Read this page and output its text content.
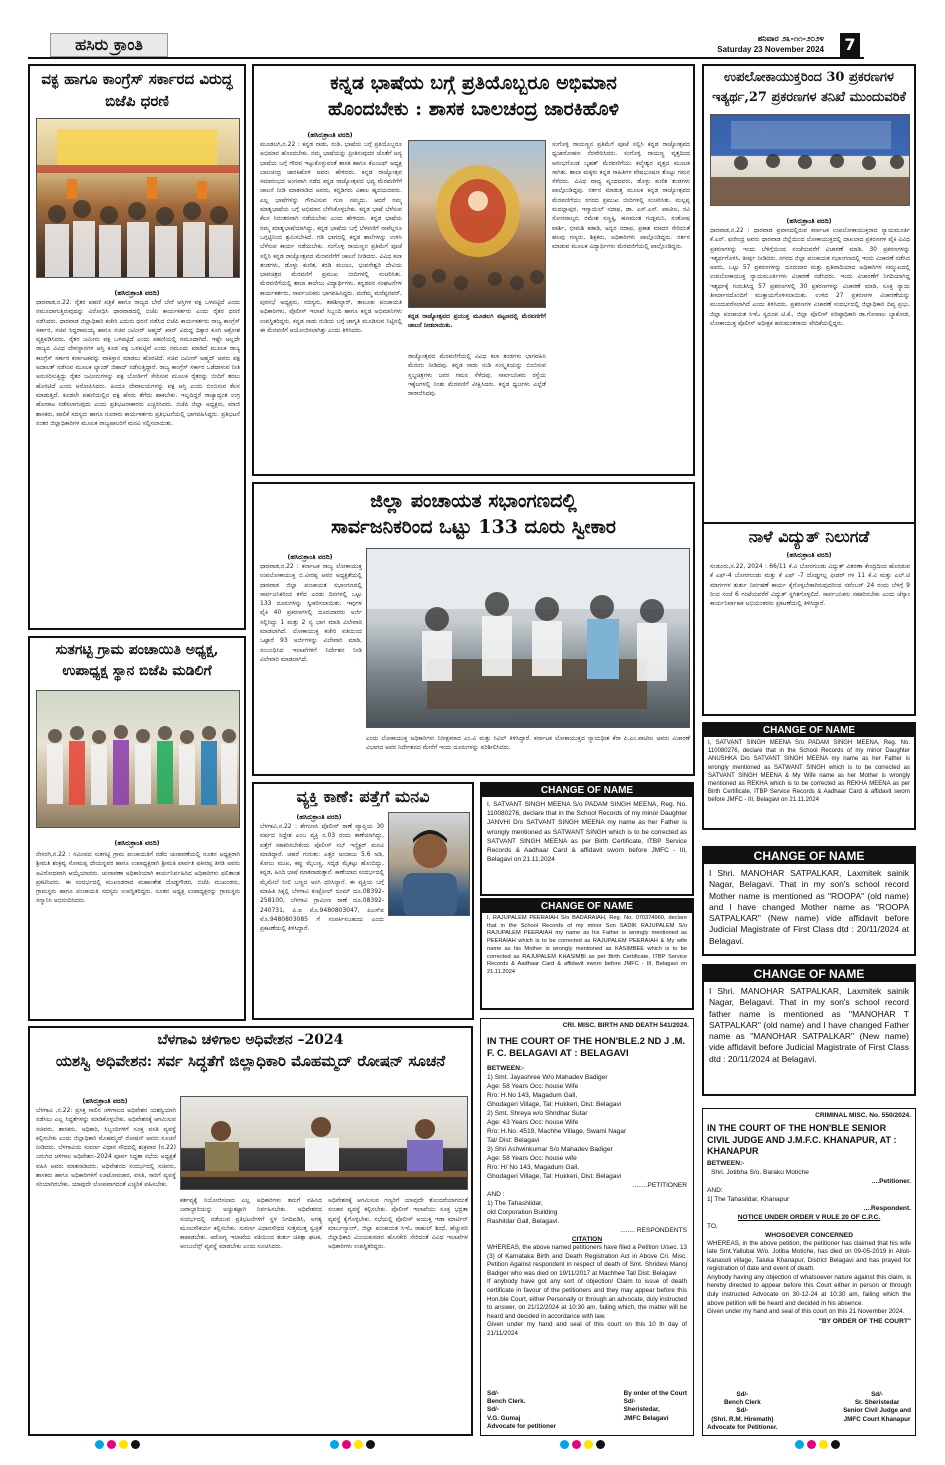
ಹಸಿರು ಕ್ರಾಂತಿ	ಶನಿವಾರ ೨೩-೧೧-೨೦೨೪
Saturday 23 November 2024 7
ವಕ್ಫ ಹಾಗೂ ಕಾಂಗ್ರೆಸ್ ಸರ್ಕಾರದ ವಿರುದ್ಧ ಬಿಜೆಪಿ ಧರಣಿ
(ಹಸಿರುಕ್ರಾಂತಿ ವರದಿ)
ಧಾರವಾಡ,ನ.22: ರೈತರ ಪಹಣಿ ಪತ್ರಿಕೆ ಹಾಗೂ ರಾಜ್ಯದ ಬೇರೆ ಬೇರೆ ಆಸ್ತಿಗಳ ವಕ್ಫ ಒಳಪಟ್ಟಿದೆ ಎಂದು ನಮೂದಾಗುತ್ತಿರುವುದನ್ನು ವಿರೋಧಿಸಿ ಧಾರವಾಡದಲ್ಲಿ ಬಿಜೆಪಿ ಕಾರ್ಯಕರ್ತರು ಎಂದು ರೈತರ ಧರಣಿ ನಡೆಸಿದರು. ಧಾರವಾಡ ಜಿಲ್ಲಾಧಿಕಾರಿ ಕಚೇರಿ ಎದುರು ಧರಣಿ ನಡೆಸಿದ ಬಿಜೆಪಿ ಕಾರ್ಯಕರ್ತರು ರಾಜ್ಯ ಕಾಂಗ್ರೆಸ್ ಸರ್ಕಾರ, ಸಚಿವ ಸಿದ್ದರಾಮಯ್ಯ ಹಾಗೂ ಸಚಿವ ಜಮೀರ್ ಅಹ್ಮದ್ ಖಾನ್ ವಿರುದ್ಧ ಧಿಕ್ಕಾರ ಕೂಗಿ ಆಕ್ರೋಶ ವ್ಯಕ್ತಪಡಿಸಿದರು. ರೈತರ ಜಮೀನು ವಕ್ಫ ಒಳಪಟ್ಟಿದೆ ಎಂದು ಪಹಣಿಯಲ್ಲಿ ನಮೂದಾಗಿದೆ. ಇಷ್ಟೇ ಅಲ್ಲದೇ ರಾಜ್ಯದ ವಿವಿಧ ದೇವಸ್ಥಾನಗಳ ಆಸ್ತಿ ಕೂಡ ವಕ್ಫ ಒಳಪಟ್ಟಿವೆ ಎಂದು ನಮೂದು ಮಾಡಿದೆ ಮೂಲಕ ರಾಜ್ಯ ಕಾಂಗ್ರೆಸ್ ಸರ್ಕಾರ ಕರ್ನಾಟಕವನ್ನು ವಾಕಿಸ್ತಾನ ಮಾಡಲು ಹೊರಟಿದೆ. ಸಚಿವ ಜಮೀರ್ ಅಹ್ಮದ್ ಅವರು ವಕ್ಫ ಅದಾಲತ್ ನಡೆಸುವ ಮೂಲಕ ಲ್ಯಾಂಡ್ ಜಿಹಾದ್ ನಡೆಸುತ್ತಿದ್ದಾರೆ. ರಾಜ್ಯ ಕಾಂಗ್ರೆಸ್ ಸರ್ಕಾರ ಒಡೆದಾಳುವ ನೀತಿ ಅನುಸರಿಸುತ್ತಿದ್ದು ರೈತರ ಜಮೀನುಗಳನ್ನು ವಕ್ಫ ಬೋರ್ಡಿಗೆ ಸೇರಿಸುವ ಮೂಲಕ ರೈತರನ್ನು ಬೀದಿಗೆ ತರಲು ಹೊರಟಿದೆ ಎಂದು ಆರೋಪಿಸಿದರು. ಹಿಂದೂ ದೇವಾಲಯಗಳನ್ನು ವಕ್ಫ ಆಸ್ತಿ ಎಂದು ಬಿಂಬಿಸುವ ಕೆಲಸ ಮಾಡುತ್ತಿದೆ. ಕೂಡಲೇ ಪಹಣಿಯಲ್ಲಿನ ವಕ್ಫ ಹೆಸರು ತೆಗೆದು ಹಾಕಬೇಕು. ಇಲ್ಲದಿದ್ದರೆ ರಾಜ್ಯಾದ್ಯಂತ ಉಗ್ರ ಹೋರಾಟ ನಡೆಸಲಾಗುವುದು ಎಂದು ಪ್ರತಿಭಟನಾಕಾರರು ಎಚ್ಚರಿಸಿದರು. ಬಿಜೆಪಿ ಜಿಲ್ಲಾ ಅಧ್ಯಕ್ಷರು, ಮಾಜಿ ಶಾಸಕರು, ಪಾಲಿಕೆ ಸದಸ್ಯರು ಹಾಗೂ ನೂರಾರು ಕಾರ್ಯಕರ್ತರು ಪ್ರತಿಭಟನೆಯಲ್ಲಿ ಭಾಗವಹಿಸಿದ್ದರು. ಪ್ರತಿಭಟನೆ ನಂತರ ಜಿಲ್ಲಾಧಿಕಾರಿಗಳ ಮೂಲಕ ರಾಜ್ಯಪಾಲರಿಗೆ ಮನವಿ ಸಲ್ಲಿಸಲಾಯಿತು.
ಸುತಗಟ್ಟಿ ಗ್ರಾಮ ಪಂಚಾಯಿತಿ ಅಧ್ಯಕ್ಷ, ಉಪಾಧ್ಯಕ್ಷ ಸ್ಥಾನ ಬಿಜೆಪಿ ಮಡಿಲಿಗೆ
(ಹಸಿರುಕ್ರಾಂತಿ ವರದಿ)
ನೇಸರಗಿ,ನ.22 : ಸಮೀಪದ ಸುತಗಟ್ಟಿ ಗ್ರಾಮ ಪಂಚಾಯತಿಗೆ ನಡೆದ ಚುನಾವಣೆಯಲ್ಲಿ ನೂತನ ಅಧ್ಯಕ್ಷರಾಗಿ ಶ್ರೀಮತಿ ಶಂಕ್ರವ್ವ ಸೋಮಪ್ಪ ದೇಯನ್ನವರ ಹಾಗೂ ಉಪಾಧ್ಯಕ್ಷರಾಗಿ ಶ್ರೀಮತಿ ಪಾರ್ವತಿ ಫಕೀರಪ್ಪ ತಿಗಡಿ ಅವರು ಅವಿರೋಧವಾಗಿ ಆಯ್ಕೆಯಾದರು. ಚುನಾವಣಾ ಅಧಿಕಾರಿಯಾಗಿ ಕಾರ್ಯನಿರ್ವಹಿಸಿದ ಅಧಿಕಾರಿಗಳು ಫಲಿತಾಂಶ ಪ್ರಕಟಿಸಿದರು. ಈ ಸಂದರ್ಭದಲ್ಲಿ ಮುಖಂಡರಾದ ಮಹಾಂತೇಶ ದೊಡ್ಡಗೌಡರ, ಬಿಜೆಪಿ ಮುಖಂಡರು, ಗ್ರಾಮಸ್ಥರು ಹಾಗೂ ಪಂಚಾಯತಿ ಸದಸ್ಯರು ಉಪಸ್ಥಿತರಿದ್ದರು. ನೂತನ ಅಧ್ಯಕ್ಷ ಉಪಾಧ್ಯಕ್ಷರನ್ನು ಗ್ರಾಮಸ್ಥರು ಸನ್ಮಾನಿಸಿ ಅಭಿನಂದಿಸಿದರು.
ಕನ್ನಡ ಭಾಷೆಯ ಬಗ್ಗೆ ಪ್ರತಿಯೊಬ್ಬರೂ ಅಭಿಮಾನ
ಹೊಂದಬೇಕು : ಶಾಸಕ ಬಾಲಚಂದ್ರ ಜಾರಕಿಹೊಳಿ
(ಹಸಿರುಕ್ರಾಂತಿ ವರದಿ)
ಮೂಡಲಗಿ,ನ.22 : ಕನ್ನಡ ನಾಡು, ನುಡಿ, ಭಾಷೆಯ ಬಗ್ಗೆ ಪ್ರತಿಯೊಬ್ಬರೂ ಅಭಿಮಾನ ಹೊಂದಬೇಕು. ನಮ್ಮ ಭಾಷೆಯನ್ನು ಪ್ರೀತಿಸುವುದರ ಜೊತೆಗೆ ಅನ್ಯ ಭಾಷೆಯ ಬಗ್ಗೆ ಗೌರವ ಇಟ್ಟುಕೊಳ್ಳುವಂತೆ ಶಾಸಕ ಹಾಗೂ ಕೆಎಂಎಫ್ ಅಧ್ಯಕ್ಷ ಬಾಲಚಂದ್ರ ಜಾರಕಿಹೊಳಿ ಅವರು ಹೇಳಿದರು. ಕನ್ನಡ ರಾಜ್ಯೋತ್ಸವ ಸಮಾರಂಭದ ಅಂಗವಾಗಿ ನಡೆದ ಕನ್ನಡ ರಾಜ್ಯೋತ್ಸವದ ಭವ್ಯ ಮೆರವಣಿಗೆಗೆ ಚಾಲನೆ ನೀಡಿ ಮಾತನಾಡಿದ ಅವರು, ಕನ್ನಡಿಗರು ವಿಶಾಲ ಹೃದಯದವರು. ಎಲ್ಲ ಭಾಷೆಗಳನ್ನು ಗೌರವಿಸುವ ಗುಣ ನಮ್ಮದು. ಆದರೆ ನಮ್ಮ ಮಾತೃಭಾಷೆಯ ಬಗ್ಗೆ ಅಭಿಮಾನ ಬೆಳೆಸಿಕೊಳ್ಳಬೇಕು. ಕನ್ನಡ ಭಾಷೆ ಬೆಳೆಸುವ ಕೆಲಸ ನಿರಂತರವಾಗಿ ನಡೆಯಬೇಕು ಎಂದು ಹೇಳಿದರು. ಕನ್ನಡ ಭಾಷೆಯ ನಮ್ಮ ಮಾತೃಭಾಷೆಯಾಗಿದ್ದು, ಕನ್ನಡ ಭಾಷೆಯ ಬಗ್ಗೆ ಬೆಳವಣಿಗೆ ನಾವೆಲ್ಲರೂ ಒಗ್ಗಟ್ಟಿನಿಂದ ಶ್ರಮಿಸಬೇಕಿದೆ. ಗಡಿ ಭಾಗದಲ್ಲಿ ಕನ್ನಡ ಶಾಲೆಗಳನ್ನು ಉಳಿಸಿ ಬೆಳೆಸುವ ಕಾರ್ಯ ನಡೆಯಬೇಕು. ಸಂಗೊಳ್ಳಿ ರಾಯಣ್ಣನ ಪ್ರತಿಮೆಗೆ ಪೂಜೆ ಸಲ್ಲಿಸಿ ಕನ್ನಡ ರಾಜ್ಯೋತ್ಸವದ ಮೆರವಣಿಗೆಗೆ ಚಾಲನೆ ನೀಡಿದರು. ವಿವಿಧ ಕಲಾ ತಂಡಗಳು, ಡೊಳ್ಳು ಕುಣಿತ, ಕರಡಿ ಮಜಲು, ಭುವನೇಶ್ವರಿ ದೇವಿಯ ಭಾವಚಿತ್ರದ ಮೆರವಣಿಗೆ ಪ್ರಮುಖ ಬೀದಿಗಳಲ್ಲಿ ಸಂಚರಿಸಿತು. ಮೆರವಣಿಗೆಯಲ್ಲಿ ಶಾಲಾ ಕಾಲೇಜು ವಿದ್ಯಾರ್ಥಿಗಳು, ಕನ್ನಡಪರ ಸಂಘಟನೆಗಳ ಕಾರ್ಯಕರ್ತರು, ಸಾರ್ವಜನಿಕರು ಭಾಗವಹಿಸಿದ್ದರು. ಮರೆಮ್ಮ ಮರೆಪ್ಪನವರ್, ಪುರಸಭೆ ಅಧ್ಯಕ್ಷರು, ಸದಸ್ಯರು, ತಹಶೀಲ್ದಾರ್, ತಾಲೂಕು ಪಂಚಾಯತಿ ಅಧಿಕಾರಿಗಳು, ಪೊಲೀಸ್ ಇಲಾಖೆ ಸಿಬ್ಬಂದಿ ಹಾಗೂ ಕನ್ನಡ ಅಭಿಮಾನಿಗಳು ಉಪಸ್ಥಿತರಿದ್ದರು. ಕನ್ನಡ ನಾಡು ನುಡಿಯ ಬಗ್ಗೆ ಜಾಗೃತಿ ಮೂಡಿಸುವ ನಿಟ್ಟಿನಲ್ಲಿ ಈ ಮೆರವಣಿಗೆ ಆಯೋಜಿಸಲಾಗಿತ್ತು ಎಂದು ತಿಳಿಸಿದರು.
ಕನ್ನಡ ರಾಜ್ಯೋತ್ಸವದ ಪ್ರಯುಕ್ತ ಮೂಡಲಗಿ ಪಟ್ಟಣದಲ್ಲಿ ಮೆರವಣಿಗೆಗೆ ಚಾಲನೆ ನೀಡಲಾಯಿತು.
ರಾಜ್ಯೋತ್ಸವದ ಮೆರವಣಿಗೆಯಲ್ಲಿ ವಿವಿಧ ಕಲಾ ತಂಡಗಳು ಭಾಗವಹಿಸಿ ಮೆರುಗು ನೀಡಿದವು. ಕನ್ನಡ ನಾಡು ನುಡಿ ಸಂಸ್ಕೃತಿಯನ್ನು ಬಿಂಬಿಸುವ ಸ್ತಬ್ಧಚಿತ್ರಗಳು ಜನರ ಗಮನ ಸೆಳೆದವು. ಸಾರ್ವಜನಿಕರು ರಸ್ತೆಯ ಇಕ್ಕೆಲಗಳಲ್ಲಿ ನಿಂತು ಮೆರವಣಿಗೆ ವೀಕ್ಷಿಸಿದರು. ಕನ್ನಡ ಧ್ವಜಗಳು ಎಲ್ಲೆಡೆ ರಾರಾಜಿಸಿದವು.
ಸಂಗೊಳ್ಳಿ ರಾಯಣ್ಣನ ಪ್ರತಿಮೆಗೆ ಪೂಜೆ ಸಲ್ಲಿಸಿ ಕನ್ನಡ ರಾಜ್ಯೋತ್ಸವದ ಧ್ವಜಾರೋಹಣ ನೆರವೇರಿಸಿದರು. ಸಂಗೊಳ್ಳಿ ರಾಯಣ್ಣ ವೃತ್ತದಿಂದ ಆರಂಭಗೊಂಡ ಬೃಹತ್ ಮೆರವಣಿಗೆಯು ಕಲ್ಮೇಶ್ವರ ವೃತ್ತದ ಮೂಲಕ ಸಾಗಿತು. ಶಾಲಾ ಮಕ್ಕಳು ಕನ್ನಡ ಸಾಹಿತಿಗಳ ವೇಷಭೂಷಣ ತೊಟ್ಟು ಗಮನ ಸೆಳೆದರು. ವಿವಿಧ ವಾದ್ಯ ವೃಂದದವರು, ಡೊಳ್ಳು ಕುಣಿತ ತಂಡಗಳು ಪಾಲ್ಗೊಂಡಿದ್ದವು. ನರ್ತನ ಮಾಡುತ್ತ ಮೂಲಕ ಕನ್ನಡ ರಾಜ್ಯೋತ್ಸವದ ಮೆರವಣಿಗೆಯು ನಗರದ ಪ್ರಮುಖ ಬೀದಿಗಳಲ್ಲಿ ಸಂಚರಿಸಿತು. ಮಲ್ಲಪ್ಪ ಮದಲ್ಲಾಪುರ, ಇಸ್ಮಾಯಿಲ್ ನದಾಫ, ಡಾ. ಎಸ್.ಎಸ್. ಪಾಟೀಲ, ರವಿ ಸೋನವಾಲ್ಕರ, ರಮೇಶ ಸಣ್ಣಕ್ಕಿ, ಹಣಮಂತ ಗುಡ್ಲಮನಿ, ಸಂತೋಷ ಪಾರ್ಶಿ, ಭೀಮಶಿ ಕಡಾಡಿ, ಅನ್ವರ ನದಾಫ, ಪ್ರಕಾಶ ಮಾದರ ಸೇರಿದಂತೆ ಹಲವು ಗಣ್ಯರು, ಶಿಕ್ಷಕರು, ಅಧಿಕಾರಿಗಳು ಪಾಲ್ಗೊಂಡಿದ್ದರು. ನರ್ತನ ಮಾಡುವ ಮೂಲಕ ವಿದ್ಯಾರ್ಥಿಗಳು ಮೆರವಣಿಗೆಯಲ್ಲಿ ಪಾಲ್ಗೊಂಡಿದ್ದರು.
ಜಿಲ್ಲಾ ಪಂಚಾಯತ ಸಭಾಂಗಣದಲ್ಲಿ
ಸಾರ್ವಜನಿಕರಿಂದ ಒಟ್ಟು 133 ದೂರು ಸ್ವೀಕಾರ
(ಹಸಿರುಕ್ರಾಂತಿ ವರದಿ)
ಧಾರವಾಡ,ನ.22 : ಕರ್ನಾಟಕ ರಾಜ್ಯ ಲೋಕಾಯುಕ್ತ ಉಪಲೋಕಾಯುಕ್ತ ಬಿ.ವೀರಪ್ಪ ಅವರ ಅಧ್ಯಕ್ಷತೆಯಲ್ಲಿ ಧಾರವಾಡ ಜಿಲ್ಲಾ ಪಂಚಾಯತ ಸಭಾಂಗಣದಲ್ಲಿ ಸಾರ್ವಜನಿಕರಿಂದ ಕಳೆದ ಎರಡು ದಿನಗಳಲ್ಲಿ ಒಟ್ಟು 133 ದೂರುಗಳನ್ನು ಸ್ವೀಕರಿಸಲಾಯಿತು. ಇವುಗಳ ಪೈಕಿ 40 ಪ್ರಕರಣಗಳಲ್ಲಿ ದೂರುದಾರರು ಅರ್ಜಿ ಸಲ್ಲಿಸಿದ್ದು 1 ಮತ್ತು 2 ನ್ಯ ಭಾಗ ಮಾಡಿ ವಿಲೇವಾರಿ ಮಾಡಲಾಗಿದೆ. ಲೋಕಾಯುಕ್ತ ಕಚೇರಿ ವತಿಯಿಂದ ಒಟ್ಟಾರೆ 93 ಅರ್ಜಿಗಳನ್ನು ವಿಲೇವಾರಿ ಮಾಡಿ, ಸಂಬಂಧಿಸಿದ ಇಲಾಖೆಗಳಿಗೆ ನಿರ್ದೇಶನ ನೀಡಿ ವಿಲೇವಾರಿ ಮಾಡಲಾಗಿದೆ.
ಎಂದು ಲೋಕಾಯುಕ್ತ ಅಧಿಕಾರಿಗಳು ನಿರೀಕ್ಷಕರಾದ ಎಂ.ವಿ ಮತ್ತು ಸಿವಿಲ್ ತಿಳಿಸಿದ್ದಾರೆ. ಕರ್ನಾಟಕ ಲೋಕಾಯುಕ್ತದ ನ್ಯಾಯಧೀಶ ಕೆರಾ ಪಿ.ಎಂ.ಪಾಟೀಲ ಅವರು ವಿಚಾರಣೆ ವಿಭಾಗದ ಅವರ ನಿರ್ದೇಶನದ ಮೇರೆಗೆ ಇಂದು ದೂರುಗಳನ್ನು ಪರಿಶೀಲಿಸಿದರು.
ವ್ಯಕ್ತಿ ಕಾಣೆ: ಪತ್ತೆಗೆ ಮನವಿ
(ಹಸಿರುಕ್ರಾಂತಿ ವರದಿ)
ಬೆಳಗಾವಿ,ನ.22 : ಶೇಗುಣಸಿ ಪೊಲೀಸ್ ಠಾಣೆ ವ್ಯಾಪ್ತಿಯ 30 ವರ್ಷದ ಸಿದ್ದೇಶ ಎಂಬ ವ್ಯಕ್ತಿ ನ.03 ರಂದು ಕಾಣೆಯಾಗಿದ್ದು, ಪತ್ತೆಗೆ ಸಹಕರಿಸಬೇಕೆಂದು ಪೊಲೀಸ್ ಸಬ್ ಇನ್ಸ್ಪೆಕ್ಟರ್ ಮನವಿ ಮಾಡಿದ್ದಾರೆ. ಚಹರೆ ಗುರುತು: ಎತ್ತರ ಅಂದಾಜು 5.6 ಅಡಿ, ಕೋಲು ಮುಖ, ಕಪ್ಪು ಮೈಬಣ್ಣ, ಸದೃಢ ಮೈಕಟ್ಟು ಹೊಂದಿದ್ದು, ಕನ್ನಡ, ಹಿಂದಿ ಭಾಷೆ ಮಾತನಾಡುತ್ತಾನೆ. ಕಾಣೆಯಾದ ಸಂದರ್ಭದಲ್ಲಿ ಮೈಮೇಲೆ ನೀಲಿ ಬಣ್ಣದ ಅಂಗಿ ಧರಿಸಿದ್ದಾನೆ. ಈ ವ್ಯಕ್ತಿಯ ಬಗ್ಗೆ ಮಾಹಿತಿ ಸಿಕ್ಕಲ್ಲಿ ಬೆಳಗಾವಿ ಕಂಟ್ರೋಲ್ ರೂಮ್ ದೂ.08392-258100, ಬೆಳಗಾವಿ ಗ್ರಾಮೀಣ ಠಾಣೆ ದೂ.08392-240731, ಪಿ.ಐ ಮೊ.9480803047, ಪಿಎಸ್ಐ ಮೊ.9480803085 ಗೆ ಸಂಪರ್ಕಿಸಬಹುದು ಎಂದು ಪ್ರಕಟಣೆಯಲ್ಲಿ ತಿಳಿಸಿದ್ದಾರೆ.
ಉಪಲೋಕಾಯುಕ್ತರಿಂದ 30 ಪ್ರಕರಣಗಳ ಇತ್ಯರ್ಥ,27 ಪ್ರಕರಣಗಳ ತನಿಖೆ ಮುಂದುವರಿಕೆ
(ಹಸಿರುಕ್ರಾಂತಿ ವರದಿ)
ಧಾರವಾಡ,ನ.22 : ಧಾರವಾಡ ಪ್ರವಾಸದಲ್ಲಿರುವ ಕರ್ನಾಟಕ ಉಪಲೋಕಾಯುಕ್ತರಾದ ನ್ಯಾಯಮೂರ್ತಿ ಕೆ.ಎನ್. ಫಣೀಂದ್ರ ಅವರು ಧಾರವಾಡ ಜಿಲ್ಲೆಯಿಂದ ಲೋಕಾಯುಕ್ತದಲ್ಲಿ ದಾಖಲಾದ ಪ್ರಕರಣಗಳ ಪೈಕಿ ವಿವಿಧ ಪ್ರಕರಣಗಳನ್ನು ಇಂದು ಬೆಳಿಗ್ಗೆಯಿಂದ ಸಂಜೆಯವರೆಗೆ ವಿಚಾರಣೆ ಮಾಡಿ, 30 ಪ್ರಕರಣಗಳನ್ನು ಇತ್ಯರ್ಥಗೊಳಿಸಿ, ತೀರ್ಪು ನೀಡಿದರು. ನಗರದ ಜಿಲ್ಲಾ ಪಂಚಾಯತ ಸಭಾಂಗಣದಲ್ಲಿ ಇಂದು ವಿಚಾರಣೆ ನಡೆಸಿದ ಅವರು, ಒಟ್ಟು 57 ಪ್ರಕರಣಗಳನ್ನು ದೂರುದಾರ ಮತ್ತು ಪ್ರತಿವಾದಿಯಾದ ಅಧಿಕಾರಿಗಳ ಸಮ್ಮುಖದಲ್ಲಿ ಉಪಲೋಕಾಯುಕ್ತ ನ್ಯಾಯಮೂರ್ತಿಗಳು ವಿಚಾರಣೆ ನಡೆಸಿದರು. ಇಂದು ವಿಚಾರಣೆಗೆ ನಿಗದಿಯಾಗಿದ್ದ ಇತ್ಯರ್ಥಕ್ಕೆ ಗುರುತಿಸಿದ್ದ 57 ಪ್ರಕರಣಗಳಲ್ಲಿ 30 ಪ್ರಕರಣಗಳನ್ನು ವಿಚಾರಣೆ ಮಾಡಿ, ಸೂಕ್ತ ನ್ಯಾಯ ತೀರ್ಮಾನದೊಂದಿಗೆ ಮುಕ್ತಾಯಗೊಳಿಸಲಾಯಿತು. ಉಳಿದ 27 ಪ್ರಕರಣಗಳ ವಿಚಾರಣೆಯನ್ನು ಮುಂದುವರೆಸಲಾಗಿದೆ ಎಂದು ತಿಳಿಸಿದರು. ಪ್ರಕರಣಗಳ ವಿಚಾರಣೆ ಸಂದರ್ಭದಲ್ಲಿ ಜಿಲ್ಲಾಧಿಕಾರಿ ದಿವ್ಯ ಪ್ರಭು, ಜಿಲ್ಲಾ ಪಂಚಾಯತ ಸಿಇಓ ಸ್ವರೂಪ ಟಿ.ಕೆ., ಜಿಲ್ಲಾ ಪೊಲೀಸ್ ವರಿಷ್ಠಾಧಿಕಾರಿ ಡಾ.ಗೋಪಾಲ ಬ್ಯಾಕೋಡ, ಲೋಕಾಯುಕ್ತ ಪೊಲೀಸ್ ಅಧೀಕ್ಷಕ ಹನುಮಂತರಾಯ ವೇದಿಕೆಯಲ್ಲಿದ್ದರು.
ನಾಳೆ ವಿದ್ಯುತ್ ನಿಲುಗಡೆ
(ಹಸಿರುಕ್ರಾಂತಿ ವರದಿ)
ಸಂಡೂರು,ನ.22, 2024 : 66/11 ಕೆ.ವಿ ಬೋರಗುಂಡು ವಿದ್ಯುತ್ ವಿತರಣಾ ಕೇಂದ್ರದಿಂದ ಹೊರಡುವ ಕೆ ಎಫ್-4 ಬೋರಗುಂಡು ಮತ್ತು ಕೆ ಎಫ್ -7 ದೊಡ್ಡಗಲ್ಲ ಫೀಡರ್ ಗಳ 11 ಕೆ.ವಿ ಮತ್ತು ಎಲ್.ಟಿ ಮಾರ್ಗಗಳ ತುರ್ತು ನಿರ್ವಹಣೆ ಕಾರ್ಯ ಕೈಗೊಳ್ಳಬೇಕಾಗಿರುವುದರಿಂದ ನವೆಂಬರ್ 24 ರಂದು ಬೆಳಗ್ಗೆ 9 ರಿಂದ ಸಂಜೆ 6 ಗಂಟೆಯವರೆಗೆ ವಿದ್ಯುತ್ ಸ್ಥಗಿತಗೊಳ್ಳಲಿದೆ. ಸಾರ್ವಜನಿಕರು ಸಹಕರಿಸಬೇಕು ಎಂದು ಜೆಸ್ಕಾಂ ಕಾರ್ಯನಿರ್ವಾಹಕ ಅಭಿಯಂತರರು ಪ್ರಕಟಣೆಯಲ್ಲಿ ತಿಳಿಸಿದ್ದಾರೆ.
CHANGE OF NAME
I, SATVANT SINGH MEENA S/o PADAM SINGH MEENA, Reg. No. 110080276, declare that in the School Records of my minor Daughter ANUSHKA D/o SATVANT SINGH MEENA my name as her Father is wrongly mentioned as SATWANT SINGH which is to be corrected as SATVANT SINGH MEENA & My Wife name as her Mother is wrongly mentioned as REKHA which is to be corrected as REKHA MEENA as per Birth Certificate, ITBP Service Records & Aadhaar Card & affidavit sworn before JMFC - III, Belagavi on 21.11.2024
CHANGE OF NAME
I Shri. MANOHAR SATPALKAR, Laxmitek sainik Nagar, Belagavi. That in my son's school record Mother name is mentioned as "ROOPA" (old name) and I have changed Mother name as "ROOPA SATPALKAR" (New name) vide affidavit before Judicial Magistrate of First Class dtd : 20/11/2024 at Belagavi.
CHANGE OF NAME
I Shri. MANOHAR SATPALKAR, Laxmitek sainik Nagar, Belagavi. That in my son's school record father name is mentioned as "MANOHAR T SATPALKAR" (old name) and I have changed Father name as "MANOHAR SATPALKAR" (New name) vide affidavit before Judicial Magistrate of First Class dtd : 20/11/2024 at Belagavi.
CHANGE OF NAME
I, SATVANT SINGH MEENA S/o PADAM SINGH MEENA, Reg. No. 110080276, declare that in the School Records of my minor Daughter JANVHI D/o SATVANT SINGH MEENA my name as her Father is wrongly mentioned as SATWANT SINGH which is to be corrected as SATVANT SINGH MEENA as per Birth Certificate, ITBP Service Records & Aadhaar Card & affidavit sworn before JMFC - III, Belagavi on 21.11.2024
CHANGE OF NAME
I, RAJUPALEM PEERAIAH S/o BADARAIAH, Reg. No. 070374960, declare that in the School Records of my minor Son SADIK RAJUPALEM S/o RAJUPALEM PEERAIAH my name as his Father is wrongly mentioned as PEERAIAH which is to be corrected as RAJUPALEM PEERAIAH & My wife name as his Mother is wrongly mentioned as KASIMBEE which is to be corrected as RAJUPALEM KHASIMBI as per Birth Certificate, ITBP Service Records & Aadhaar Card & affidavit sworn before JMFC - III, Belagavi on 21.11.2024
ಬೆಳಗಾವಿ ಚಳಿಗಾಲ ಅಧಿವೇಶನ –2024
ಯಶಸ್ವಿ ಅಧಿವೇಶನ: ಸರ್ವ ಸಿದ್ಧತೆಗೆ ಜಿಲ್ಲಾಧಿಕಾರಿ ಮೊಹಮ್ಮದ್ ರೋಷನ್ ಸೂಚನೆ
(ಹಸಿರುಕ್ರಾಂತಿ ವರದಿ)
ಬೆಳಗಾವಿ ,ನ.22: ಪ್ರಸಕ್ತ ಸಾಲಿನ ಚಳಿಗಾಲದ ಅಧಿವೇಶನ ಯಶಸ್ವಿಯಾಗಿ ನಡೆಸಲು ಎಲ್ಲ ಸಿದ್ಧತೆಗಳನ್ನು ಮಾಡಿಕೊಳ್ಳಬೇಕು. ಅಧಿವೇಶನಕ್ಕೆ ಆಗಮಿಸುವ ಸಚಿವರು, ಶಾಸಕರು, ಅಧಿಕಾರಿ, ಸಿಬ್ಬಂದಿಗಳಿಗೆ ಸೂಕ್ತ ವಸತಿ ವ್ಯವಸ್ಥೆ ಕಲ್ಪಿಸಬೇಕು ಎಂದು ಜಿಲ್ಲಾಧಿಕಾರಿ ಮೊಹಮ್ಮದ್ ರೋಷನ್ ಅವರು ಸೂಚನೆ ನೀಡಿದರು. ಬೆಳಗಾವಿಯ ಸುವರ್ಣ ವಿಧಾನ ಸೌಧದಲ್ಲಿ ಶುಕ್ರವಾರ (ನ.22) ಜರುಗಿದ ಚಳಿಗಾಲ ಅಧಿವೇಶನ–2024 ಪೂರ್ವ ಸಿದ್ಧತಾ ಸಭೆಯ ಅಧ್ಯಕ್ಷತೆ ವಹಿಸಿ ಅವರು ಮಾತನಾಡಿದರು. ಅಧಿವೇಶನದ ಸಂದರ್ಭದಲ್ಲಿ ಸಚಿವರು, ಶಾಸಕರು ಹಾಗೂ ಅಧಿಕಾರಿಗಳಿಗೆ ಊಟೋಪಚಾರ, ವಸತಿ, ಸಾರಿಗೆ ವ್ಯವಸ್ಥೆ ಸರಿಯಾಗಿರಬೇಕು. ಯಾವುದೇ ಲೋಪವಾಗದಂತೆ ಎಚ್ಚರಿಕೆ ವಹಿಸಬೇಕು.
ಕರ್ತವ್ಯಕ್ಕೆ ನಿಯೋಜಿಸಲಾದ ಎಲ್ಲ ಅಧಿಕಾರಿಗಳು ತಮಗೆ ವಹಿಸಿದ ಜವಾಬ್ದಾರಿಯನ್ನು ಅಚ್ಚುಕಟ್ಟಾಗಿ ನಿರ್ವಹಿಸಬೇಕು. ಅಧಿವೇಶನದ ಸಂದರ್ಭದಲ್ಲಿ ನಡೆಯುವ ಪ್ರತಿಭಟನೆಗಳಿಗೆ ಸ್ಥಳ ನಿಗದಿಪಡಿಸಿ, ಅಗತ್ಯ ಮೂಲಸೌಕರ್ಯ ಕಲ್ಪಿಸಬೇಕು. ಸುವರ್ಣ ವಿಧಾನಸೌಧದ ಸುತ್ತಮುತ್ತ ಸ್ವಚ್ಛತೆ ಕಾಪಾಡಬೇಕು. ಆರೋಗ್ಯ ಇಲಾಖೆಯ ವತಿಯಿಂದ ತುರ್ತು ಚಿಕಿತ್ಸಾ ಘಟಕ, ಆಂಬುಲೆನ್ಸ್ ವ್ಯವಸ್ಥೆ ಮಾಡಬೇಕು ಎಂದು ಸೂಚಿಸಿದರು.
ಅಧಿವೇಶನಕ್ಕೆ ಆಗಮಿಸುವ ಗಣ್ಯರಿಗೆ ಯಾವುದೇ ತೊಂದರೆಯಾಗದಂತೆ ಸಂಚಾರ ವ್ಯವಸ್ಥೆ ಕಲ್ಪಿಸಬೇಕು. ಪೊಲೀಸ್ ಇಲಾಖೆಯು ಸೂಕ್ತ ಭದ್ರತಾ ವ್ಯವಸ್ಥೆ ಕೈಗೊಳ್ಳಬೇಕು. ಸಭೆಯಲ್ಲಿ ಪೊಲೀಸ್ ಆಯುಕ್ತ ಇಡಾ ಮಾರ್ಟಿನ್ ಮಾರ್ಬನ್ಯಾಂಗ್, ಜಿಲ್ಲಾ ಪಂಚಾಯತ ಸಿಇಓ ರಾಹುಲ್ ಶಿಂಧೆ, ಹೆಚ್ಚುವರಿ ಜಿಲ್ಲಾಧಿಕಾರಿ ವಿಜಯಕುಮಾರ ಹೊನಕೇರಿ ಸೇರಿದಂತೆ ವಿವಿಧ ಇಲಾಖೆಗಳ ಅಧಿಕಾರಿಗಳು ಉಪಸ್ಥಿತರಿದ್ದರು.
CRI. MISC. BIRTH AND DEATH 541/2024.
IN THE COURT OF THE HON'BLE.2 ND J .M. F. C. BELAGAVI AT : BELAGAVI
BETWEEN:-
1) Smt. Jayashree W/o Mahadev Badiger
Age: 58 Years Occ: house Wife
R/o: H.No 143, Magadum Gall,
Ghodageri Village, Tal: Hukkeri, Dist: Belagavi
2) Smt. Shreya w/o Shridhar Sutar
Age: 43 Years Occ: house Wife
R/o: H.No. 4519, Machhe Village, Swami Nagar
Tal/ Dist: Belagavi
3) Shri Ashwinkumar S/o Mahadev Badiger
Age: 58 Years Occ: house wife
R/o: H/ No 143, Magadum Gall,
Ghodageri Village, Tal: Hukkeri, Dist: Belagavi
........PETITIONER
AND :
1) The Tahashildar,
old Corporation Building
Rashildar Gall, Belagavi.
........ RESPONDENTS
CITATION
WHEREAS, the above named petitioners have filed a Petition U/sec. 13 (3) of Karnataka Birth and Death Registration Act in Above Cri. Misc. Petition Against respondent in respect of death of Smt. Shridevi Manoj Badiger who was died on 19/11/2017 at Machhee Tal/ Dist: Belagavi
If anybody have got any sort of objection/ Claim to issue of death certificate in favour of the petitioners and they may appear before this Hon.ble Court, either Personally or through an advocate, duly instructed to answer, on 21/12/2024 at 10:30 am, failing which, the matter will be heard and decided in accordance with law.
Given under my hand and seal of this court on this 10 th day of 21/11/2024
Sd/-
Bench Clerk.
Sd/-
V.G. Gumaj
Advocate for petitioner
By order of the Court
Sd/-
Sheristedar,
JMFC Belagavi
CRIMINAL MISC. No. 550/2024.
IN THE COURT OF THE HON'BLE SENIOR CIVIL JUDGE AND J.M.F.C. KHANAPUR, AT : KHANAPUR
BETWEEN:-
Shri. Jotibha S/o. Baraku Motiche
....Petitioner.
AND:
1] The Tahasildar, Khanapur
....Respondent.
NOTICE UNDER ORDER V RULE 20 OF C.P.C.
TO,
WHOSOEVER CONCERNED
WHEREAS, in the above petition, the petitioner has claimed that his wife late Smt.Yallubai W/o. Jotiba Motiche, has died on 09-05-2019 in Alloli-Kanasoli village, Taluka Khanapur, District Belagavi and has prayed for registration of date and event of death.
Anybody having any objection of whatsoever nature against this claim, is hereby directed to appear before this Court either in person or through duly instructed Advocate on 30-12-24 at 10:30 am, failing which the above petition will be heard and decided in his absence.
Given under my hand and seal of this court on this 21 November 2024.
"BY ORDER OF THE COURT"
Sd/-
Bench Clerk
Sd/-
(Shri. R.M. Hiremath)
Advocate for Petitioner.
Sd/-
Sr. Sheristedar
Senior Civil Judge and
JMFC Court Khanapur
